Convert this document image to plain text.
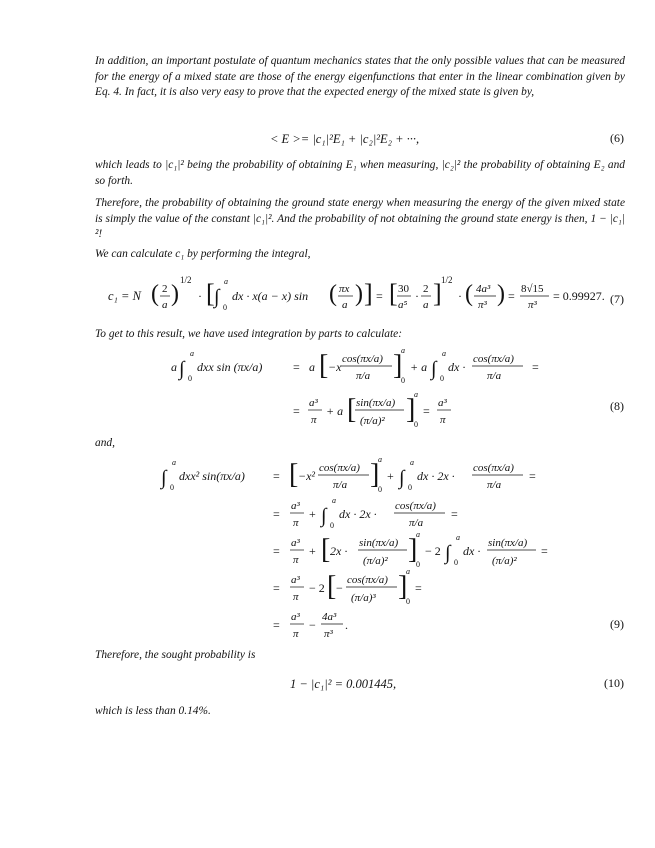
In addition, an important postulate of quantum mechanics states that the only possible values that can be measured for the energy of a mixed state are those of the energy eigenfunctions that enter in the linear combination given by Eq. 4. In fact, it is also very easy to prove that the expected energy of the mixed state is given by,

< E >= |c₁|²E₁ + |c₂|²E₂ + ···,	(6)

which leads to |c₁|² being the probability of obtaining E₁ when measuring, |c₂|² the probability of obtaining E₂ and so forth.

Therefore, the probability of obtaining the ground state energy when measuring the energy of the given mixed state is simply the value of the constant |c₁|². And the probability of not obtaining the ground state energy is then, 1 − |c₁|²!

We can calculate c₁ by performing the integral,

c₁ = N ( 2
a )
1/2
· [ ∫
a
0
dx · x(a − x) sin ( πx
a ) ] = [ 30
a⁵
· 2
a ] 1/2
· ( 4a³
π³ ) = 8√15
π³
= 0.99927. (7)

To get to this result, we have used integration by parts to calculate:

a ∫
a
0
dxx sin (πx/a)	= a [ −x
cos(πx/a)
π/a ]
a
0
+ a ∫
a
0
dx ·
cos(πx/a)
π/a
=
=
a³
π
+ a [ sin(πx/a)
(π/a)² ]
a
0
=
a³
π
(8)

and,

∫
a
0
dxx² sin(πx/a) = [ −x²
cos(πx/a)
π/a ]
a
0
+ ∫
a
0
dx · 2x ·
cos(πx/a)
π/a
=
=
a³
π
+ ∫
a
0
dx · 2x ·
cos(πx/a)
π/a
=
=
a³
π
+ [ 2x ·
sin(πx/a)
(π/a)² ]
a
0
− 2 ∫
a
0
dx ·
sin(πx/a)
(π/a)²
=
=
a³
π
− 2 [ −
cos(πx/a)
(π/a)³ ]
a
0
=
=
a³
π
−
4a³
π³
.	(9)

Therefore, the sought probability is

1 − |c₁|² = 0.001445,	(10)

which is less than 0.14%.
